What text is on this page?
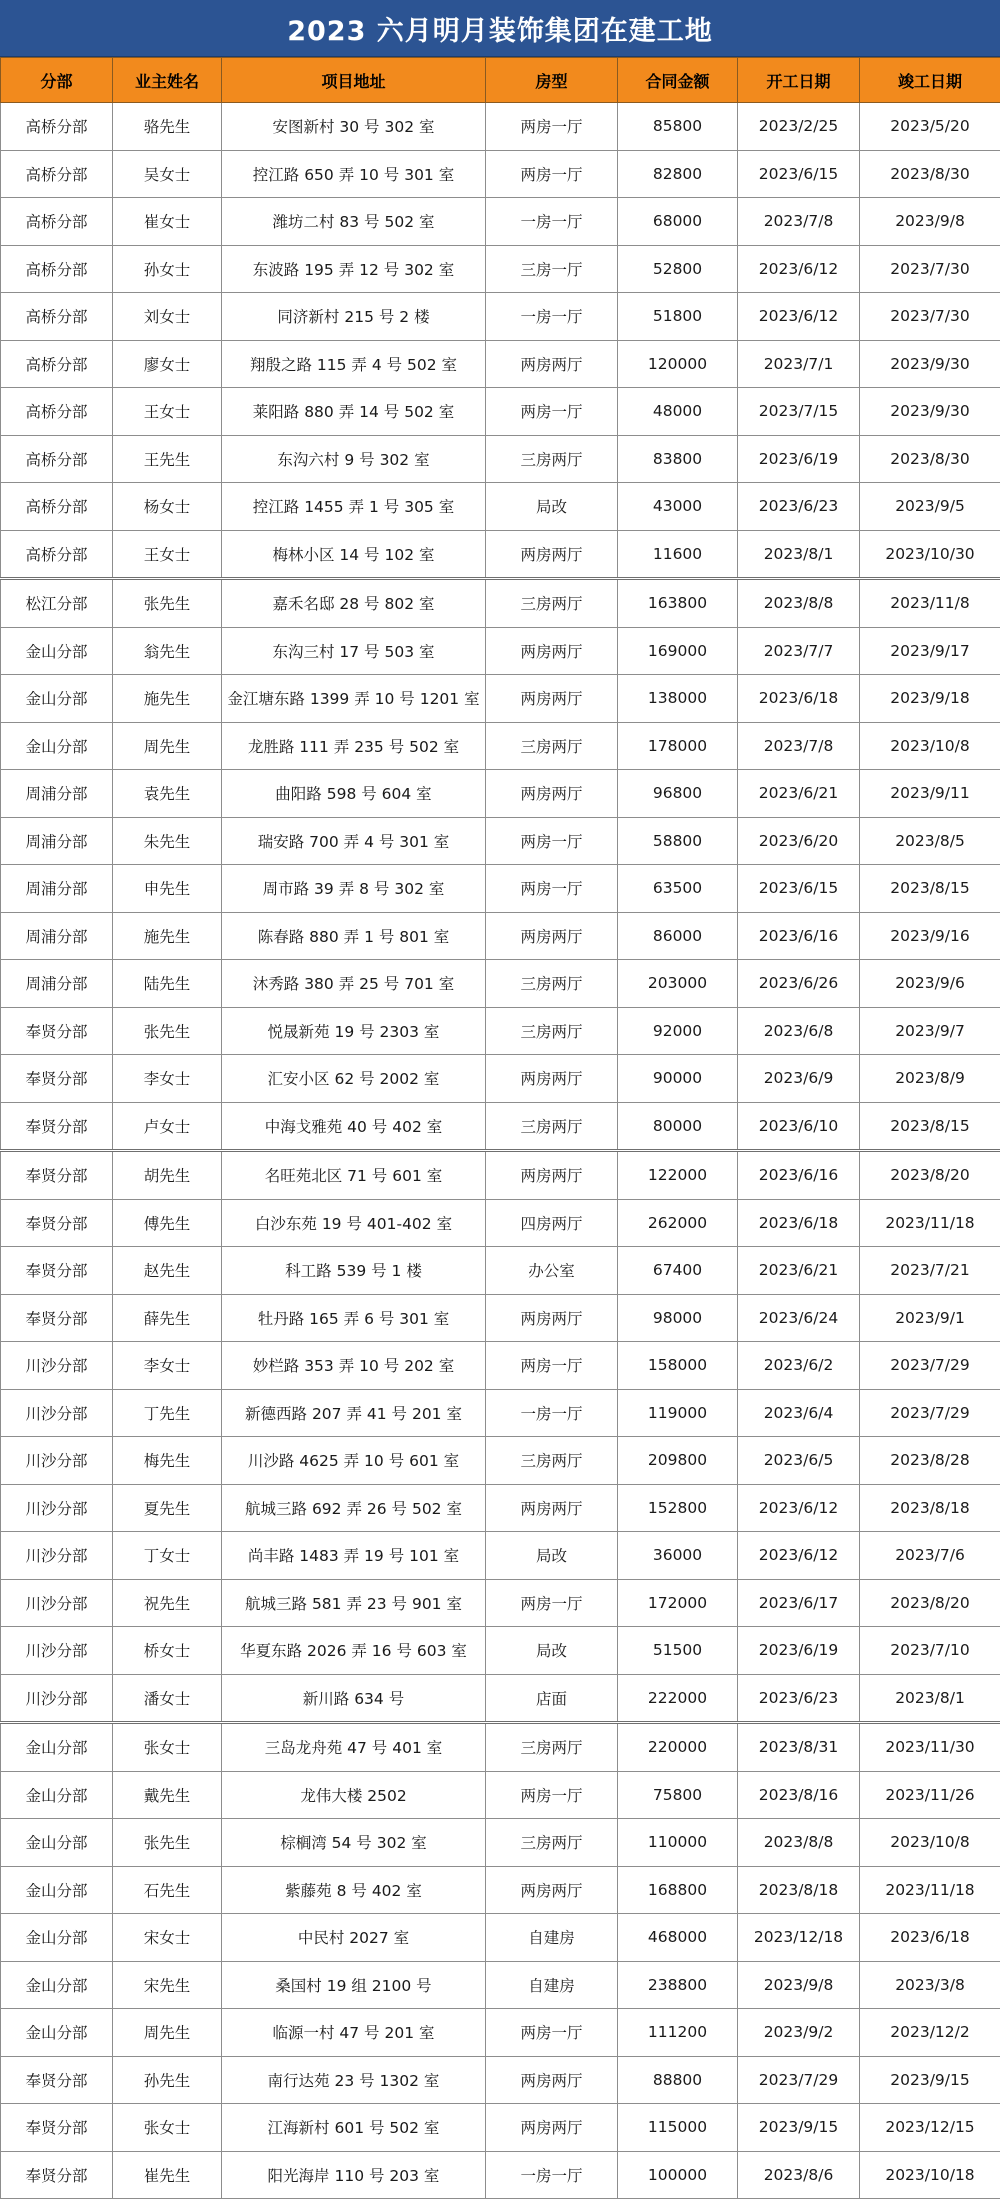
2023 六月明月装饰集团在建工地
分部	业主姓名	项目地址	房型	合同金额	开工日期	竣工日期
高桥分部	骆先生	安图新村 30 号 302 室	两房一厅	85800	2023/2/25	2023/5/20
高桥分部	吴女士	控江路 650 弄 10 号 301 室	两房一厅	82800	2023/6/15	2023/8/30
高桥分部	崔女士	潍坊二村 83 号 502 室	一房一厅	68000	2023/7/8	2023/9/8
高桥分部	孙女士	东波路 195 弄 12 号 302 室	三房一厅	52800	2023/6/12	2023/7/30
高桥分部	刘女士	同济新村 215 号 2 楼	一房一厅	51800	2023/6/12	2023/7/30
高桥分部	廖女士	翔殷之路 115 弄 4 号 502 室	两房两厅	120000	2023/7/1	2023/9/30
高桥分部	王女士	莱阳路 880 弄 14 号 502 室	两房一厅	48000	2023/7/15	2023/9/30
高桥分部	王先生	东沟六村 9 号 302 室	三房两厅	83800	2023/6/19	2023/8/30
高桥分部	杨女士	控江路 1455 弄 1 号 305 室	局改	43000	2023/6/23	2023/9/5
高桥分部	王女士	梅林小区 14 号 102 室	两房两厅	11600	2023/8/1	2023/10/30
松江分部	张先生	嘉禾名邸 28 号 802 室	三房两厅	163800	2023/8/8	2023/11/8
金山分部	翁先生	东沟三村 17 号 503 室	两房两厅	169000	2023/7/7	2023/9/17
金山分部	施先生	金江塘东路 1399 弄 10 号 1201 室	两房两厅	138000	2023/6/18	2023/9/18
金山分部	周先生	龙胜路 111 弄 235 号 502 室	三房两厅	178000	2023/7/8	2023/10/8
周浦分部	袁先生	曲阳路 598 号 604 室	两房两厅	96800	2023/6/21	2023/9/11
周浦分部	朱先生	瑞安路 700 弄 4 号 301 室	两房一厅	58800	2023/6/20	2023/8/5
周浦分部	申先生	周市路 39 弄 8 号 302 室	两房一厅	63500	2023/6/15	2023/8/15
周浦分部	施先生	陈春路 880 弄 1 号 801 室	两房两厅	86000	2023/6/16	2023/9/16
周浦分部	陆先生	沐秀路 380 弄 25 号 701 室	三房两厅	203000	2023/6/26	2023/9/6
奉贤分部	张先生	悦晟新苑 19 号 2303 室	三房两厅	92000	2023/6/8	2023/9/7
奉贤分部	李女士	汇安小区 62 号 2002 室	两房两厅	90000	2023/6/9	2023/8/9
奉贤分部	卢女士	中海戈雅苑 40 号 402 室	三房两厅	80000	2023/6/10	2023/8/15
奉贤分部	胡先生	名旺苑北区 71 号 601 室	两房两厅	122000	2023/6/16	2023/8/20
奉贤分部	傅先生	白沙东苑 19 号 401-402 室	四房两厅	262000	2023/6/18	2023/11/18
奉贤分部	赵先生	科工路 539 号 1 楼	办公室	67400	2023/6/21	2023/7/21
奉贤分部	薛先生	牡丹路 165 弄 6 号 301 室	两房两厅	98000	2023/6/24	2023/9/1
川沙分部	李女士	妙栏路 353 弄 10 号 202 室	两房一厅	158000	2023/6/2	2023/7/29
川沙分部	丁先生	新德西路 207 弄 41 号 201 室	一房一厅	119000	2023/6/4	2023/7/29
川沙分部	梅先生	川沙路 4625 弄 10 号 601 室	三房两厅	209800	2023/6/5	2023/8/28
川沙分部	夏先生	航城三路 692 弄 26 号 502 室	两房两厅	152800	2023/6/12	2023/8/18
川沙分部	丁女士	尚丰路 1483 弄 19 号 101 室	局改	36000	2023/6/12	2023/7/6
川沙分部	祝先生	航城三路 581 弄 23 号 901 室	两房一厅	172000	2023/6/17	2023/8/20
川沙分部	桥女士	华夏东路 2026 弄 16 号 603 室	局改	51500	2023/6/19	2023/7/10
川沙分部	潘女士	新川路 634 号	店面	222000	2023/6/23	2023/8/1
金山分部	张女士	三岛龙舟苑 47 号 401 室	三房两厅	220000	2023/8/31	2023/11/30
金山分部	戴先生	龙伟大楼 2502	两房一厅	75800	2023/8/16	2023/11/26
金山分部	张先生	棕榈湾 54 号 302 室	三房两厅	110000	2023/8/8	2023/10/8
金山分部	石先生	紫藤苑 8 号 402 室	两房两厅	168800	2023/8/18	2023/11/18
金山分部	宋女士	中民村 2027 室	自建房	468000	2023/12/18	2023/6/18
金山分部	宋先生	桑国村 19 组 2100 号	自建房	238800	2023/9/8	2023/3/8
金山分部	周先生	临源一村 47 号 201 室	两房一厅	111200	2023/9/2	2023/12/2
奉贤分部	孙先生	南行达苑 23 号 1302 室	两房两厅	88800	2023/7/29	2023/9/15
奉贤分部	张女士	江海新村 601 号 502 室	两房两厅	115000	2023/9/15	2023/12/15
奉贤分部	崔先生	阳光海岸 110 号 203 室	一房一厅	100000	2023/8/6	2023/10/18
